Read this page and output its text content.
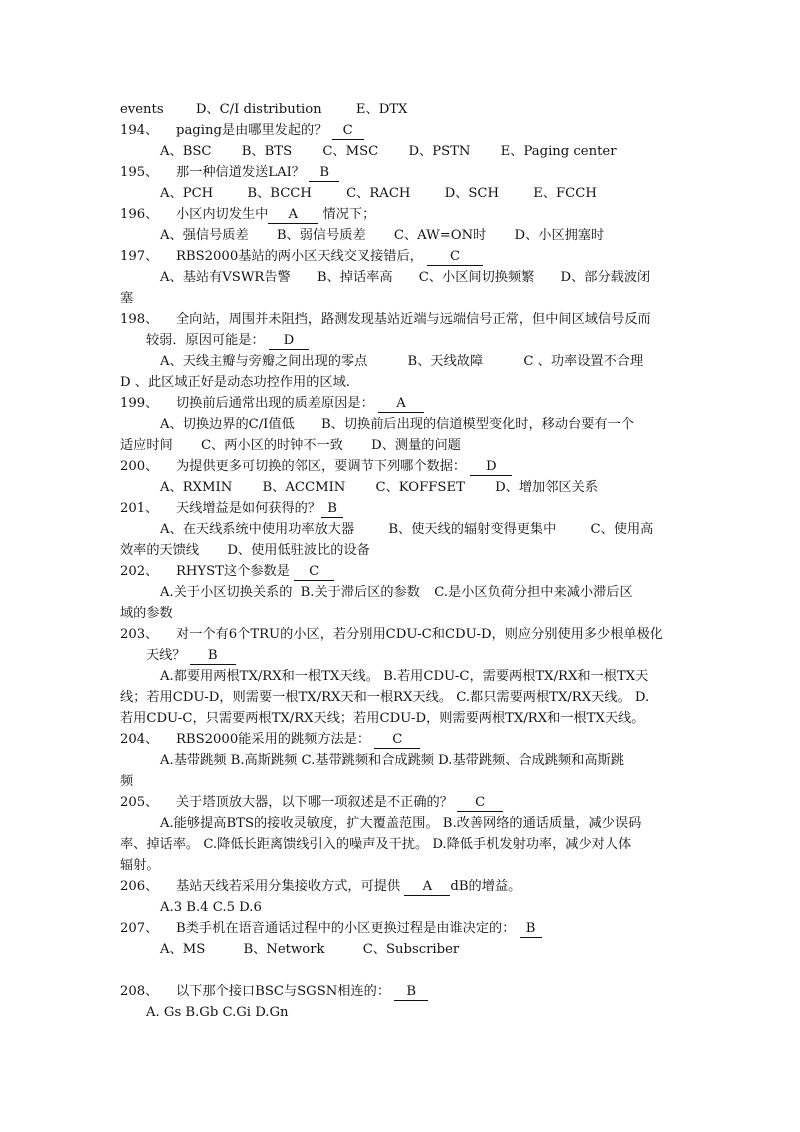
events D、C/I distribution	E、DTX
194、 paging是由哪里发起的？ C
A、BSC B、BTS C、MSC D、PSTN E、Paging center
195、 那一种信道发送LAI？ B
A、PCH	B、BCCH	C、RACH	D、SCH	E、FCCH
196、 小区内切发生中 A 情况下；
A、强信号质差 B、弱信号质差 C、AW=ON时 D、小区拥塞时
197、 RBS2000基站的两小区天线交叉接错后， C
A、基站有VSWR告警 B、掉话率高 C、小区间切换频繁 D、部分载波闭
塞
198、 全向站，周围并未阻挡，路测发现基站近端与远端信号正常，但中间区域信号反而
较弱．原因可能是： D
A、天线主瓣与旁瓣之间出现的零点	B、天线故障	C 、功率设置不合理
D 、此区域正好是动态功控作用的区域.
199、 切换前后通常出现的质差原因是： A
A、切换边界的C/I值低 B、切换前后出现的信道模型变化时，移动台要有一个
适应时间 C、两小区的时钟不一致 D、测量的问题
200、 为提供更多可切换的邻区，要调节下列哪个数据： D
A、RXMIN B、ACCMIN C、KOFFSET D、增加邻区关系
201、 天线增益是如何获得的？ B
A、在天线系统中使用功率放大器	B、使天线的辐射变得更集中	C、使用高
效率的天馈线 D、使用低驻波比的设备
202、 RHYST这个参数是 C
A.关于小区切换关系的 B.关于滞后区的参数 C.是小区负荷分担中来减小滞后区
域的参数
203、 对一个有6个TRU的小区，若分别用CDU-C和CDU-D，则应分别使用多少根单极化
天线？ B
A.都要用两根TX/RX和一根TX天线。 B.若用CDU-C，需要两根TX/RX和一根TX天
线；若用CDU-D，则需要一根TX/RX天和一根RX天线。 C.都只需要两根TX/RX天线。 D.
若用CDU-C，只需要两根TX/RX天线；若用CDU-D，则需要两根TX/RX和一根TX天线。
204、 RBS2000能采用的跳频方法是： C
A.基带跳频 B.高斯跳频 C.基带跳频和合成跳频 D.基带跳频、合成跳频和高斯跳
频
205、 关于塔顶放大器，以下哪一项叙述是不正确的？ C
A.能够提高BTS的接收灵敏度，扩大覆盖范围。 B.改善网络的通话质量，减少误码
率、掉话率。 C.降低长距离馈线引入的噪声及干扰。 D.降低手机发射功率，减少对人体
辐射。
206、 基站天线若采用分集接收方式，可提供 A dB的增益。
A.3 B.4 C.5 D.6
207、 B类手机在语音通话过程中的小区更换过程是由谁决定的： B
A、MS	B、Network	C、Subscriber
208、 以下那个接口BSC与SGSN相连的： B
A. Gs B.Gb C.Gi D.Gn
